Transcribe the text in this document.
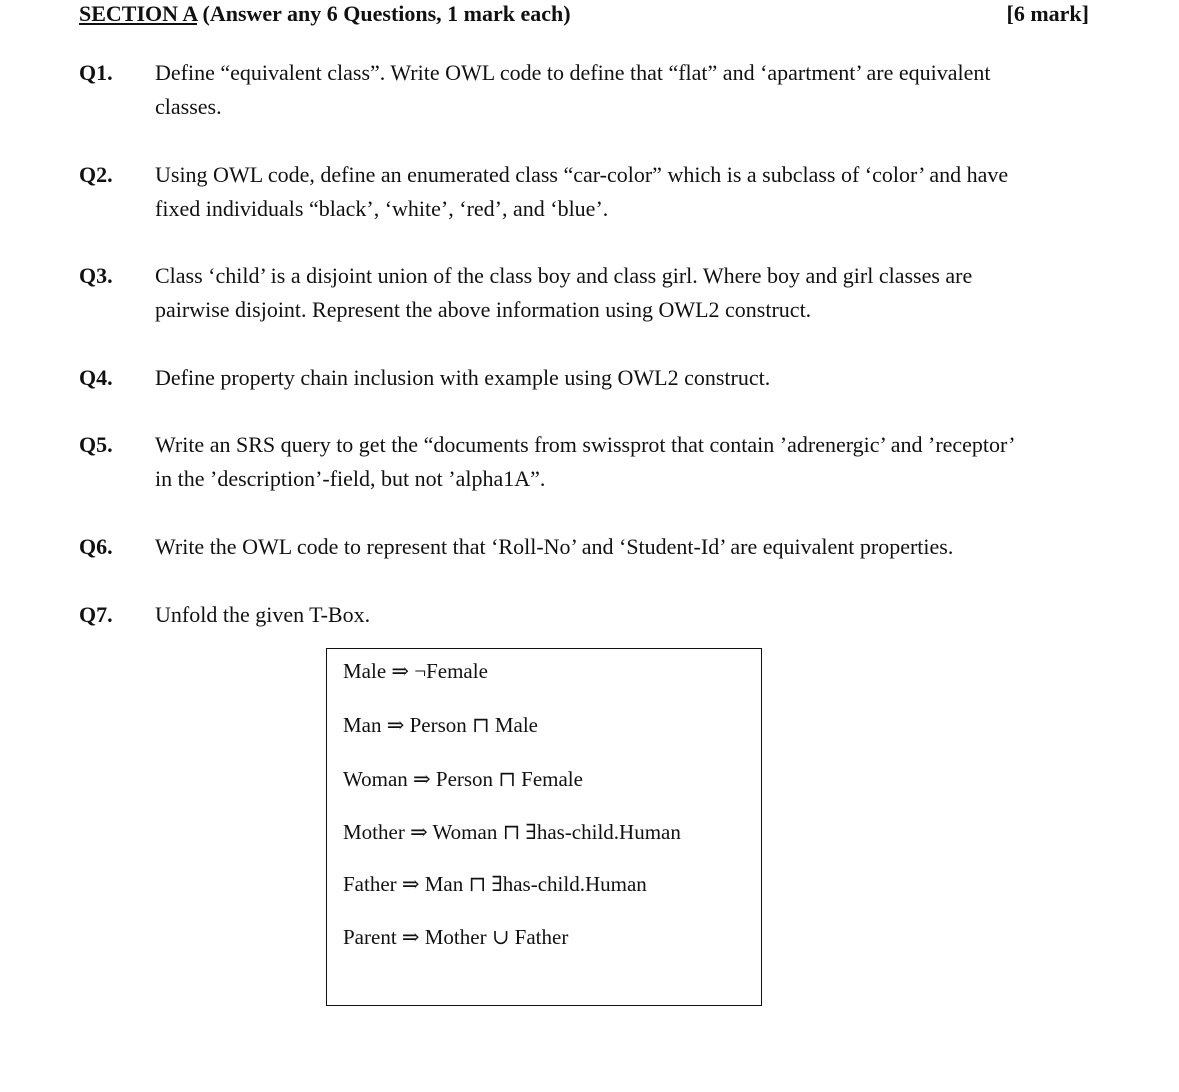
SECTION A (Answer any 6 Questions, 1 mark each)	[6 mark]
Q1. Define “equivalent class”. Write OWL code to define that “flat” and ‘apartment’ are equivalent
classes.
Q2. Using OWL code, define an enumerated class “car-color” which is a subclass of ‘color’ and have
fixed individuals “black’, ‘white’, ‘red’, and ‘blue’.
Q3. Class ‘child’ is a disjoint union of the class boy and class girl. Where boy and girl classes are
pairwise disjoint. Represent the above information using OWL2 construct.
Q4. Define property chain inclusion with example using OWL2 construct.
Q5. Write an SRS query to get the “documents from swissprot that contain ’adrenergic’ and ’receptor’
in the ’description’-field, but not ’alpha1A”.
Q6. Write the OWL code to represent that ‘Roll-No’ and ‘Student-Id’ are equivalent properties.
Q7. Unfold the given T-Box.
Male ⇒ ¬Female
Man ⇒ Person ⊓ Male
Woman ⇒ Person ⊓ Female
Mother ⇒ Woman ⊓ ∃has-child.Human
Father ⇒ Man ⊓ ∃has-child.Human
Parent ⇒ Mother ∪ Father
